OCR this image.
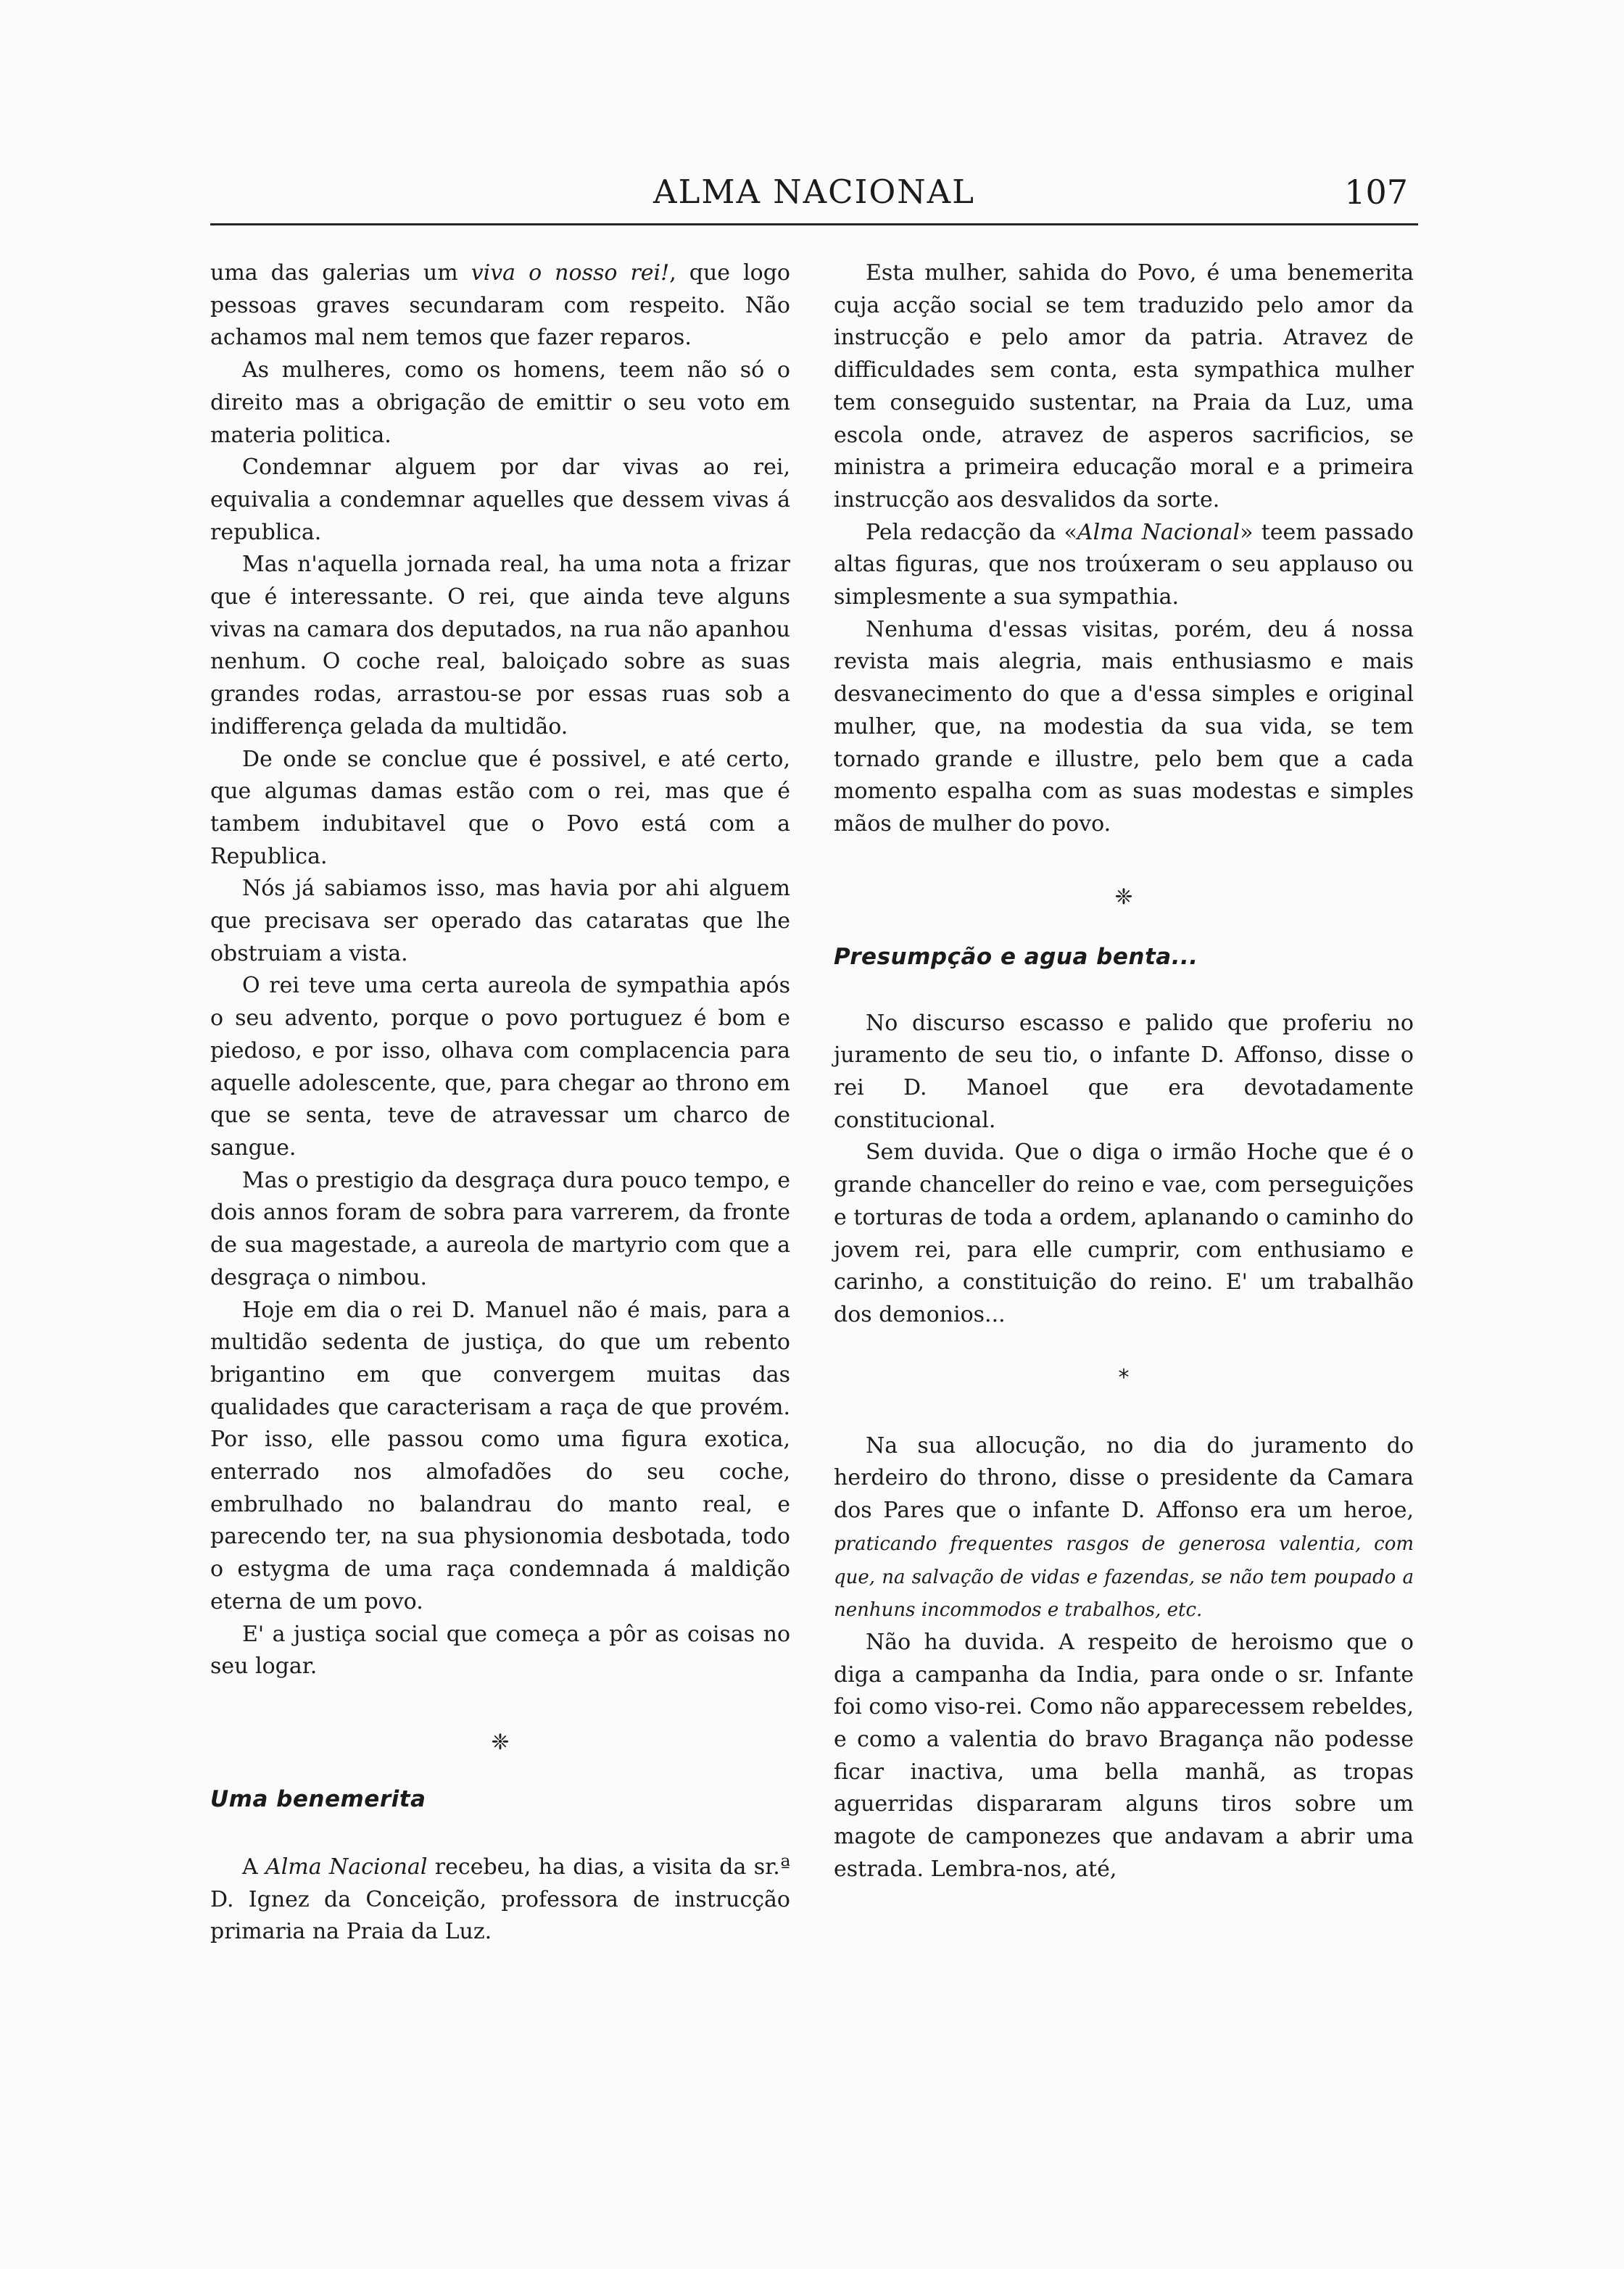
ALMA NACIONAL	107

uma das galerias um viva o nosso rei!, que logo pessoas graves secundaram com respeito. Não achamos mal nem temos que fazer reparos.

As mulheres, como os homens, teem não só o direito mas a obrigação de emittir o seu voto em materia politica.

Condemnar alguem por dar vivas ao rei, equivalia a condemnar aquelles que dessem vivas á republica.

Mas n'aquella jornada real, ha uma nota a frizar que é interessante. O rei, que ainda teve alguns vivas na camara dos deputados, na rua não apanhou nenhum. O coche real, baloiçado sobre as suas grandes rodas, arrastou-se por essas ruas sob a indifferença gelada da multidão.

De onde se conclue que é possivel, e até certo, que algumas damas estão com o rei, mas que é tambem indubitavel que o Povo está com a Republica.

Nós já sabiamos isso, mas havia por ahi alguem que precisava ser operado das cataratas que lhe obstruiam a vista.

O rei teve uma certa aureola de sympathia após o seu advento, porque o povo portuguez é bom e piedoso, e por isso, olhava com complacencia para aquelle adolescente, que, para chegar ao throno em que se senta, teve de atravessar um charco de sangue.

Mas o prestigio da desgraça dura pouco tempo, e dois annos foram de sobra para varrerem, da fronte de sua magestade, a aureola de martyrio com que a desgraça o nimbou.

Hoje em dia o rei D. Manuel não é mais, para a multidão sedenta de justiça, do que um rebento brigantino em que convergem muitas das qualidades que caracterisam a raça de que provém. Por isso, elle passou como uma figura exotica, enterrado nos almofadões do seu coche, embrulhado no balandrau do manto real, e parecendo ter, na sua physionomia desbotada, todo o estygma de uma raça condemnada á maldição eterna de um povo.

E' a justiça social que começa a pôr as coisas no seu logar.

❈
Uma benemerita

A Alma Nacional recebeu, ha dias, a visita da sr.ª D. Ignez da Conceição, professora de instrucção primaria na Praia da Luz.

Esta mulher, sahida do Povo, é uma benemerita cuja acção social se tem traduzido pelo amor da instrucção e pelo amor da patria. Atravez de difficuldades sem conta, esta sympathica mulher tem conseguido sustentar, na Praia da Luz, uma escola onde, atravez de asperos sacrificios, se ministra a primeira educação moral e a primeira instrucção aos desvalidos da sorte.

Pela redacção da «Alma Nacional» teem passado altas figuras, que nos troúxeram o seu applauso ou simplesmente a sua sympathia.

Nenhuma d'essas visitas, porém, deu á nossa revista mais alegria, mais enthusiasmo e mais desvanecimento do que a d'essa simples e original mulher, que, na modestia da sua vida, se tem tornado grande e illustre, pelo bem que a cada momento espalha com as suas modestas e simples mãos de mulher do povo.

❈
Presumpção e agua benta...

No discurso escasso e palido que proferiu no juramento de seu tio, o infante D. Affonso, disse o rei D. Manoel que era devotadamente constitucional.

Sem duvida. Que o diga o irmão Hoche que é o grande chanceller do reino e vae, com perseguições e torturas de toda a ordem, aplanando o caminho do jovem rei, para elle cumprir, com enthusiamo e carinho, a constituição do reino. E' um trabalhão dos demonios...

*

Na sua allocução, no dia do juramento do herdeiro do throno, disse o presidente da Camara dos Pares que o infante D. Affonso era um heroe, praticando frequentes rasgos de generosa valentia, com que, na salvação de vidas e fazendas, se não tem poupado a nenhuns incommodos e trabalhos, etc.

Não ha duvida. A respeito de heroismo que o diga a campanha da India, para onde o sr. Infante foi como viso-rei. Como não apparecessem rebeldes, e como a valentia do bravo Bragança não podesse ficar inactiva, uma bella manhã, as tropas aguerridas dispararam alguns tiros sobre um magote de camponezes que andavam a abrir uma estrada. Lembra-nos, até,
